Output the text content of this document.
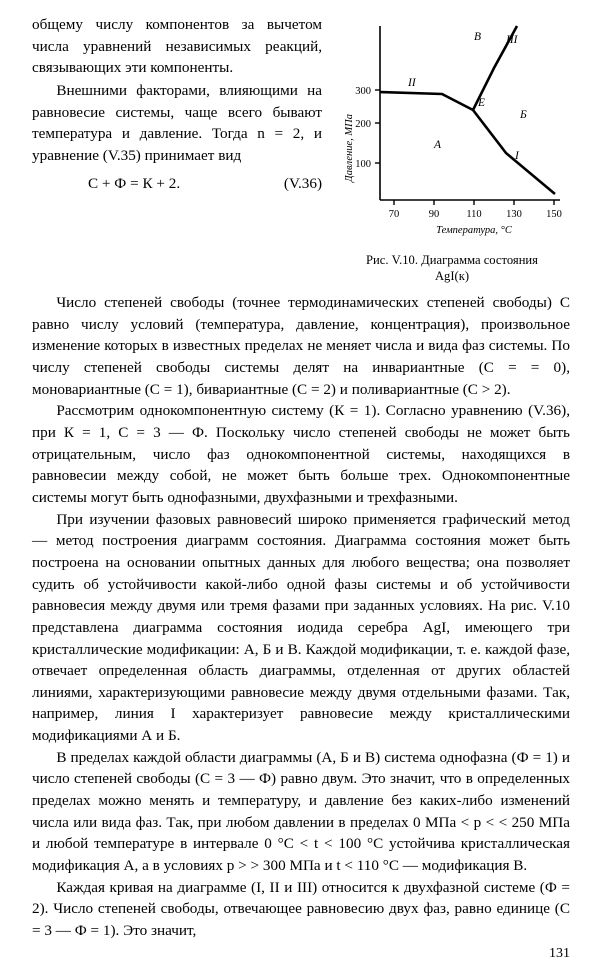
300
200
100
70	90	110 130 150
Давление, МПа
Температура, °C
А
Б
В
II
III
I
Е
Рис. V.10. Диаграмма состояния
AgI(к)

общему числу компонентов за вычетом числа уравнений независимых реакций, связывающих эти компоненты.

Внешними факторами, влияющими на равновесие системы, чаще всего бывают температура и давление. Тогда n = 2, и уравнение (V.35) принимает вид

С + Ф = К + 2.	(V.36)

Число степеней свободы (точнее термодинамических степеней свободы) С равно числу условий (температура, давление, концентрация), произвольное изменение которых в известных пределах не меняет числа и вида фаз системы. По числу степеней свободы системы делят на инвариантные (С = = 0), моновариантные (С = 1), бивариантные (С = 2) и поливариантные (С > 2).

Рассмотрим однокомпонентную систему (К = 1). Согласно уравнению (V.36), при К = 1, С = 3 — Ф. Поскольку число степеней свободы не может быть отрицательным, число фаз однокомпонентной системы, находящихся в равновесии между собой, не может быть больше трех. Однокомпонентные системы могут быть однофазными, двухфазными и трехфазными.

При изучении фазовых равновесий широко применяется графический метод — метод построения диаграмм состояния. Диаграмма состояния может быть построена на основании опытных данных для любого вещества; она позволяет судить об устойчивости какой-либо одной фазы системы и об устойчивости равновесия между двумя или тремя фазами при заданных условиях. На рис. V.10 представлена диаграмма состояния иодида серебра AgI, имеющего три кристаллические модификации: А, Б и В. Каждой модификации, т. е. каждой фазе, отвечает определенная область диаграммы, отделенная от других областей линиями, характеризующими равновесие между двумя отдельными фазами. Так, например, линия I характеризует равновесие между кристаллическими модификациями А и Б.

В пределах каждой области диаграммы (А, Б и В) система однофазна (Ф = 1) и число степеней свободы (С = 3 — Ф) равно двум. Это значит, что в определенных пределах можно менять и температуру, и давление без каких-либо изменений числа или вида фаз. Так, при любом давлении в пределах 0 МПа < p < < 250 МПа и любой температуре в интервале 0 °C < t < 100 °C устойчива кристаллическая модификация А, а в условиях p > > 300 МПа и t < 110 °C — модификация В.

Каждая кривая на диаграмме (I, II и III) относится к двухфазной системе (Ф = 2). Число степеней свободы, отвечающее равновесию двух фаз, равно единице (С = 3 — Ф = 1). Это значит,

131
